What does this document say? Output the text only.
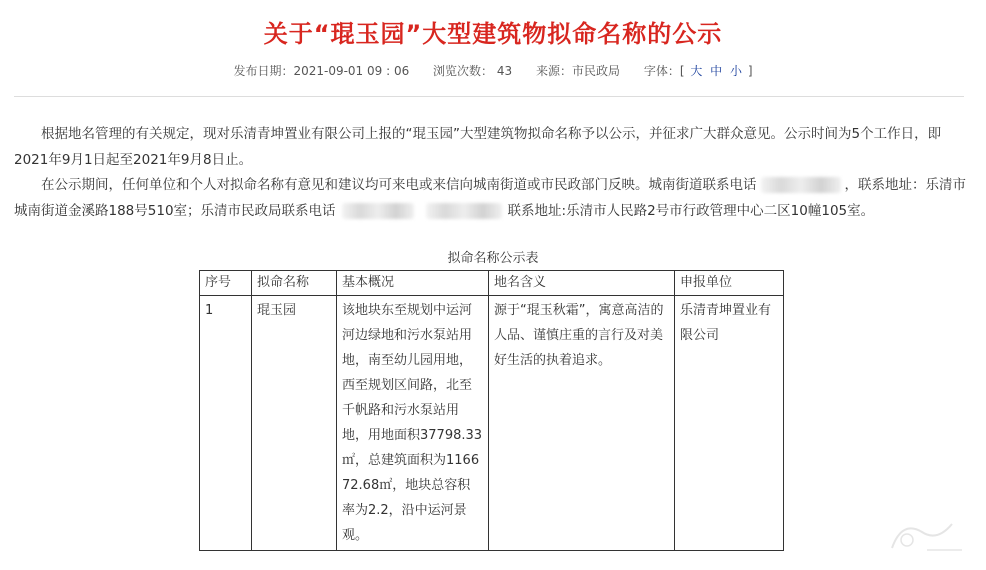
关于“琨玉园”大型建筑物拟命名称的公示
发布日期：2021-09-01 09 : 06 浏览次数： 43 来源：市民政局 字体：[ 大 中 小 ]
根据地名管理的有关规定，现对乐清青坤置业有限公司上报的“琨玉园”大型建筑物拟命名称予以公示，并征求广大群众意见。公示时间为5个工作日，即2021年9月1日起至2021年9月8日止。
在公示期间，任何单位和个人对拟命名称有意见和建议均可来电或来信向城南街道或市民政部门反映。城南街道联系电话	，联系地址：乐清市城南街道金溪路188号510室；乐清市民政局联系电话	联系地址:乐清市人民路2号市行政管理中心二区10幢105室。
拟命名称公示表
序号	拟命名称	基本概况	地名含义	申报单位
1	琨玉园	该地块东至规划中运河河边绿地和污水泵站用地，南至幼儿园用地，西至规划区间路，北至千帆路和污水泵站用地，用地面积37798.33㎡，总建筑面积为116672.68㎡，地块总容积率为2.2，沿中运河景观。	源于“琨玉秋霜”，寓意高洁的人品、谨慎庄重的言行及对美好生活的执着追求。	乐清青坤置业有限公司
